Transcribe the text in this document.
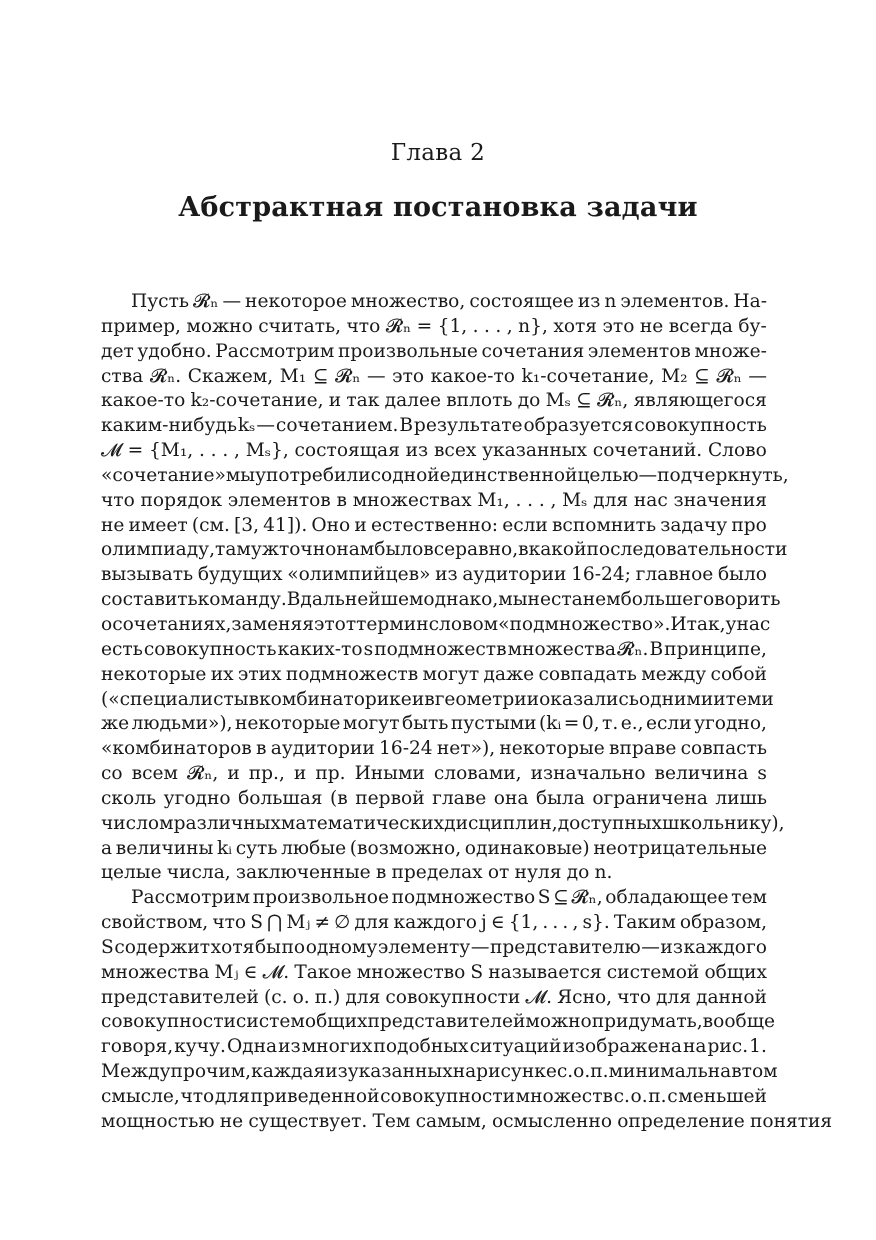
Глава 2
Абстрактная постановка задачи
Пусть 𝓡ₙ — некоторое множество, состоящее из n элементов. На-
пример, можно считать, что 𝓡ₙ = {1, . . . , n}, хотя это не всегда бу-
дет удобно. Рассмотрим произвольные сочетания элементов множе-
ства 𝓡ₙ. Скажем, M₁ ⊆ 𝓡ₙ — это какое-то k₁-сочетание, M₂ ⊆ 𝓡ₙ —
какое-то k₂-сочетание, и так далее вплоть до Mₛ ⊆ 𝓡ₙ, являющегося
каким-нибудь kₛ — сочетанием. В результате образуется совокупность
𝓜 = {M₁, . . . , Mₛ}, состоящая из всех указанных сочетаний. Слово
«сочетание» мы употребили с одной единственной целью — подчеркнуть,
что порядок элементов в множествах M₁, . . . , Mₛ для нас значения
не имеет (см. [3, 41]). Оно и естественно: если вспомнить задачу про
олимпиаду, там уж точно нам было все равно, в какой последовательности
вызывать будущих «олимпийцев» из аудитории 16-24; главное было
составить команду. В дальнейшем однако, мы не станем больше говорить
о сочетаниях, заменяя этот термин словом «подмножество». Итак, у нас
есть совокупность каких-то s подмножеств множества 𝓡ₙ. В принципе,
некоторые их этих подмножеств могут даже совпадать между собой
(«специалисты в комбинаторике и в геометрии оказались одними и теми
же людьми»), некоторые могут быть пустыми (kᵢ = 0, т. е., если угодно,
«комбинаторов в аудитории 16-24 нет»), некоторые вправе совпасть
со всем 𝓡ₙ, и пр., и пр. Иными словами, изначально величина s
сколь угодно большая (в первой главе она была ограничена лишь
числом различных математических дисциплин, доступных школьнику),
а величины kᵢ суть любые (возможно, одинаковые) неотрицательные
целые числа, заключенные в пределах от нуля до n.
Рассмотрим произвольное подмножество S ⊆ 𝓡ₙ, обладающее тем
свойством, что S ⋂ Mⱼ ≠ ∅ для каждого j ∈ {1, . . . , s}. Таким образом,
S содержит хотя бы по одному элементу — представителю — из каждого
множества Mⱼ ∈ 𝓜. Такое множество S называется системой общих
представителей (с. о. п.) для совокупности 𝓜. Ясно, что для данной
совокупности систем общих представителей можно придумать, вообще
говоря, кучу. Одна из многих подобных ситуаций изображена на рис. 1.
Между прочим, каждая из указанных на рисунке с. о. п. минимальна в том
смысле, что для приведенной совокупности множеств с. о. п. с меньшей
мощностью не существует. Тем самым, осмысленно определение понятия
